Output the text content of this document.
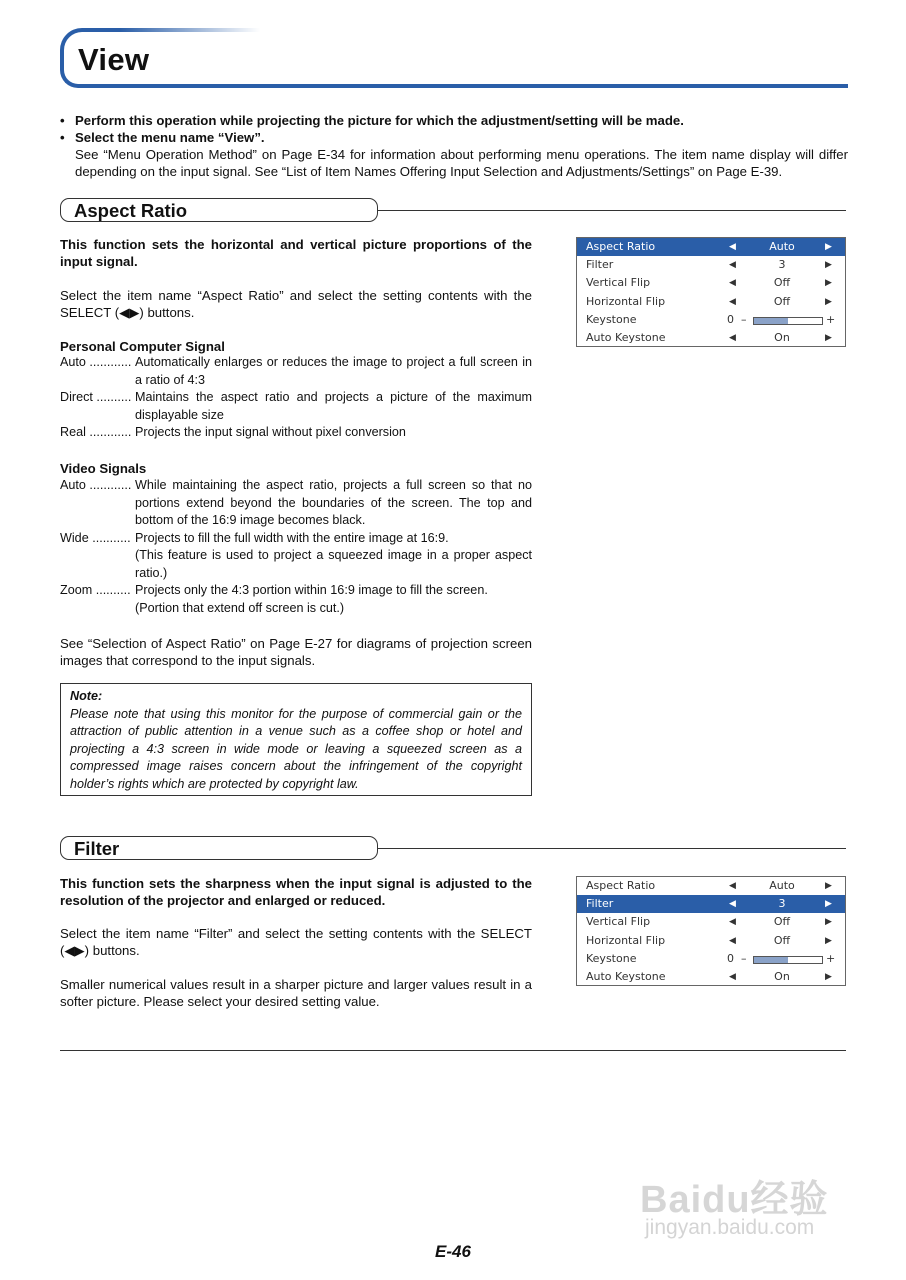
View
• Perform this operation while projecting the picture for which the adjustment/setting will be made.
• Select the menu name “View”.
See “Menu Operation Method” on Page E-34 for information about performing menu operations. The item name display will differ depending on the input signal. See “List of Item Names Offering Input Selection and Adjustments/Settings” on Page E-39.
Aspect Ratio
This function sets the horizontal and vertical picture proportions of the input signal.
Select the item name “Aspect Ratio” and select the setting contents with the SELECT (◀▶) buttons.
Personal Computer Signal
Auto ............ Automatically enlarges or reduces the image to project a full screen in a ratio of 4:3
Direct .......... Maintains the aspect ratio and projects a picture of the maximum displayable size
Real ............ Projects the input signal without pixel conversion
Video Signals
Auto ............ While maintaining the aspect ratio, projects a full screen so that no portions extend beyond the boundaries of the screen. The top and bottom of the 16:9 image becomes black.
Wide ........... Projects to fill the full width with the entire image at 16:9.
(This feature is used to project a squeezed image in a proper aspect ratio.)
Zoom .......... Projects only the 4:3 portion within 16:9 image to fill the screen.
(Portion that extend off screen is cut.)
See “Selection of Aspect Ratio” on Page E-27 for diagrams of projection screen images that correspond to the input signals.
Note:
Please note that using this monitor for the purpose of commercial gain or the attraction of public attention in a venue such as a coffee shop or hotel and projecting a 4:3 screen in wide mode or leaving a squeezed screen as a compressed image raises concern about the infringement of the copyright holder’s rights which are protected by copyright law.
Aspect Ratio	◀	Auto	▶
Filter	◀	3	▶
Vertical Flip	◀	Off	▶
Horizontal Flip	◀	Off	▶
Keystone	0 –	+
Auto Keystone	◀	On	▶
Filter
This function sets the sharpness when the input signal is adjusted to the resolution of the projector and enlarged or reduced.
Select the item name “Filter” and select the setting contents with the SELECT (◀▶) buttons.
Smaller numerical values result in a sharper picture and larger values result in a softer picture. Please select your desired setting value.
Aspect Ratio	◀	Auto	▶
Filter	◀	3	▶
Vertical Flip	◀	Off	▶
Horizontal Flip	◀	Off	▶
Keystone	0 –	+
Auto Keystone	◀	On	▶
Baidu经验
jingyan.baidu.com
E-46
